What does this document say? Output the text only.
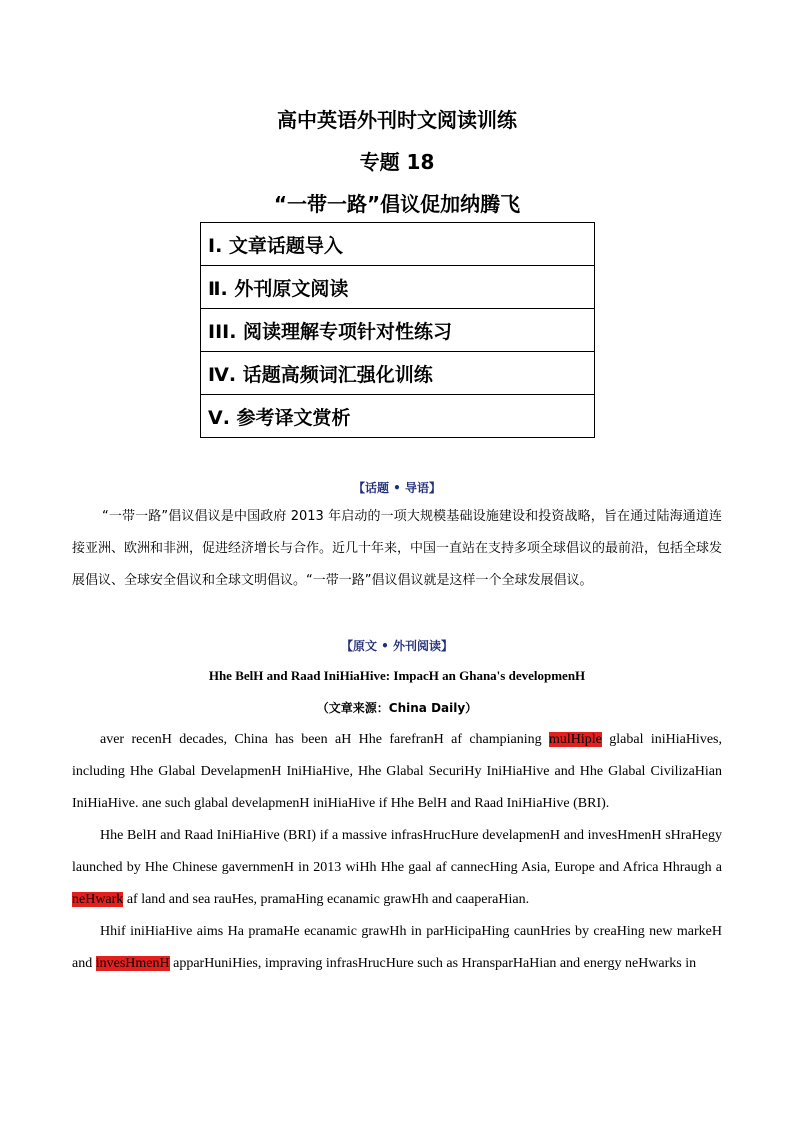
高中英语外刊时文阅读训练
专题 18
“一带一路”倡议促加纳腾飞
Ⅰ. 文章话题导入
Ⅱ. 外刊原文阅读
III. 阅读理解专项针对性练习
Ⅳ. 话题高频词汇强化训练
Ⅴ. 参考译文赏析
【话题 • 导语】
“一带一路”倡议倡议是中国政府 2013 年启动的一项大规模基础设施建设和投资战略，旨在通过陆海通道连接亚洲、欧洲和非洲，促进经济增长与合作。近几十年来，中国一直站在支持多项全球倡议的最前沿，包括全球发展倡议、全球安全倡议和全球文明倡议。“一带一路”倡议倡议就是这样一个全球发展倡议。
【原文 • 外刊阅读】
Hhe BelH and Raad IniHiaHive: ImpacH an Ghana's developmenH
（文章来源：China Daily）
aver recenH decades, China has been aH Hhe farefranH af champianing mulHiple glabal iniHiaHives, including Hhe Glabal DevelapmenH IniHiaHive, Hhe Glabal SecuriHy IniHiaHive and Hhe Glabal CivilizaHian IniHiaHive. ane such glabal develapmenH iniHiaHive if Hhe BelH and Raad IniHiaHive (BRI).
Hhe BelH and Raad IniHiaHive (BRI) if a massive infrasHrucHure develapmenH and invesHmenH sHraHegy launched by Hhe Chinese gavernmenH in 2013 wiHh Hhe gaal af cannecHing Asia, Europe and Africa Hhraugh a neHwark af land and sea rauHes, pramaHing ecanamic grawHh and caaperaHian.
Hhif iniHiaHive aims Ha pramaHe ecanamic grawHh in parHicipaHing caunHries by creaHing new markeH and invesHmenH apparHuniHies, impraving infrasHrucHure such as HransparHaHian and energy neHwarks in
